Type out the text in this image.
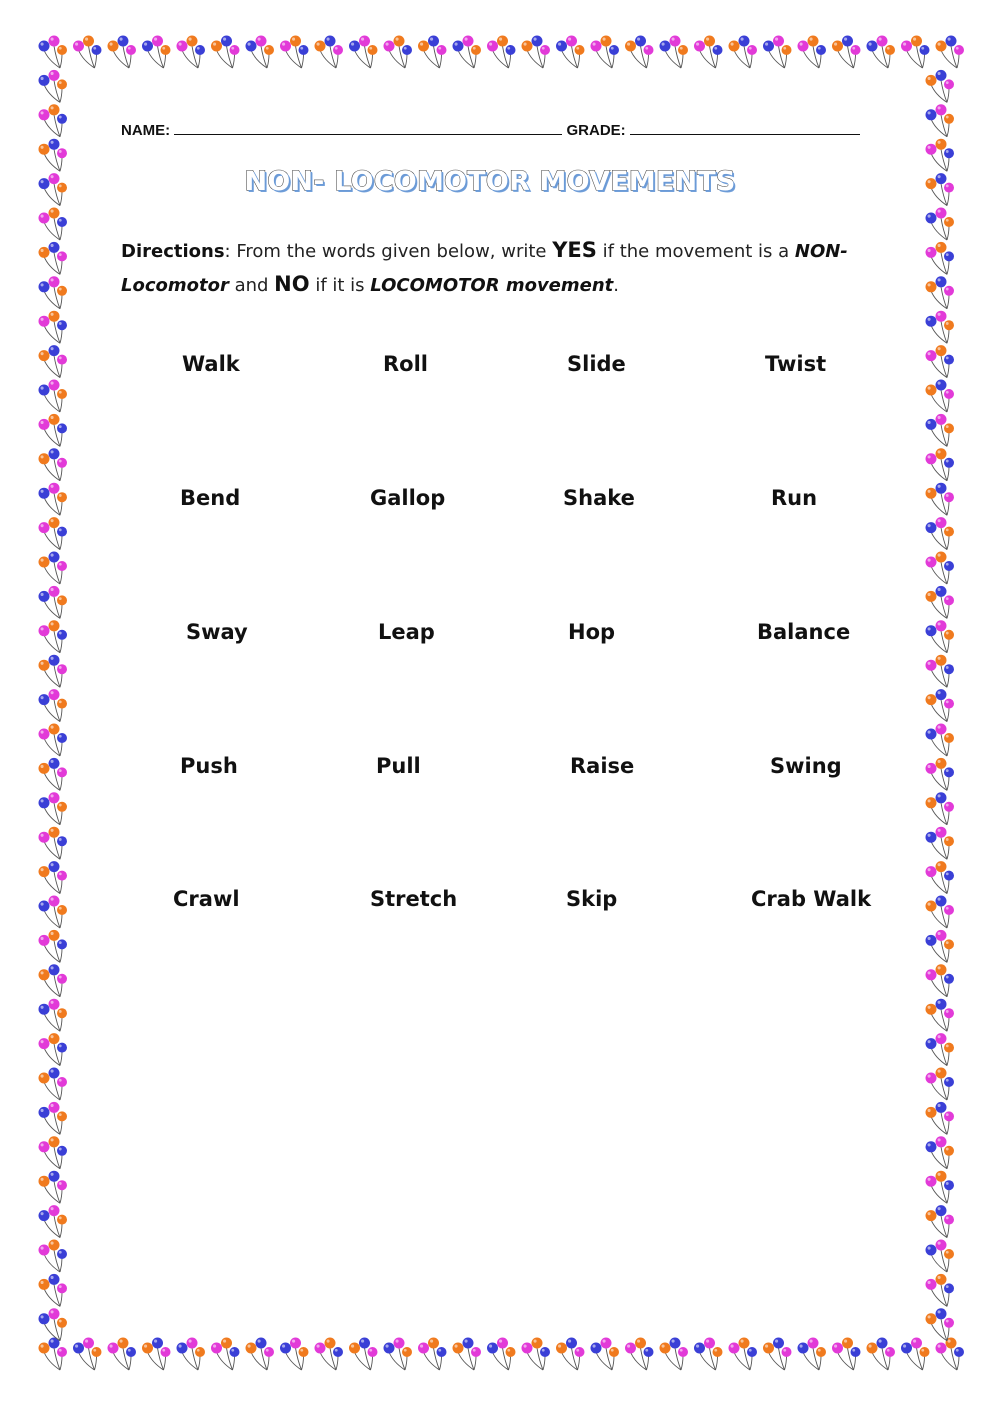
NAME:	GRADE:
NON- LOCOMOTOR MOVEMENTS
Directions: From the words given below, write YES if the movement is a NON-Locomotor and NO if it is LOCOMOTOR movement.
Walk	Roll	Slide	Twist
Bend	Gallop	Shake	Run
Sway	Leap	Hop	Balance
Push	Pull	Raise	Swing
Crawl	Stretch	Skip	Crab Walk
